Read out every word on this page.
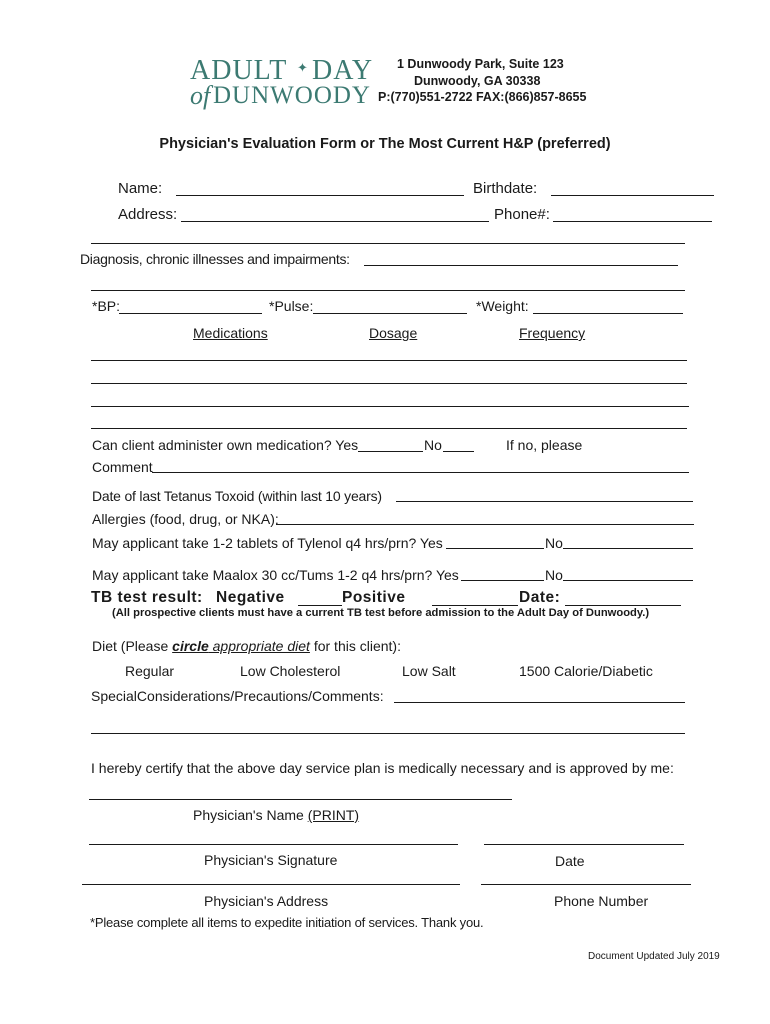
ADULT ✦ DAY
of DUNWOODY
1 Dunwoody Park, Suite 123
Dunwoody, GA 30338
P:(770)551-2722 FAX:(866)857-8655
Physician's Evaluation Form or The Most Current H&P (preferred)
Name:	Birthdate:
Address:	Phone#:
Diagnosis, chronic illnesses and impairments:
*BP:	*Pulse:	*Weight:
Medications	Dosage	Frequency
Can client administer own medication? Yes	No	If no, please
Comment
Date of last Tetanus Toxoid (within last 10 years)
Allergies (food, drug, or NKA):
May applicant take 1-2 tablets of Tylenol q4 hrs/prn? Yes	No
May applicant take Maalox 30 cc/Tums 1-2 q4 hrs/prn? Yes	No
TB test result: Negative	Positive	Date:
(All prospective clients must have a current TB test before admission to the Adult Day of Dunwoody.)
Diet (Please circle appropriate diet for this client):
Regular	Low Cholesterol	Low Salt	1500 Calorie/Diabetic
SpecialConsiderations/Precautions/Comments:
I hereby certify that the above day service plan is medically necessary and is approved by me:
Physician's Name (PRINT)
Physician's Signature	Date
Physician's Address	Phone Number
*Please complete all items to expedite initiation of services. Thank you.
Document Updated July 2019
